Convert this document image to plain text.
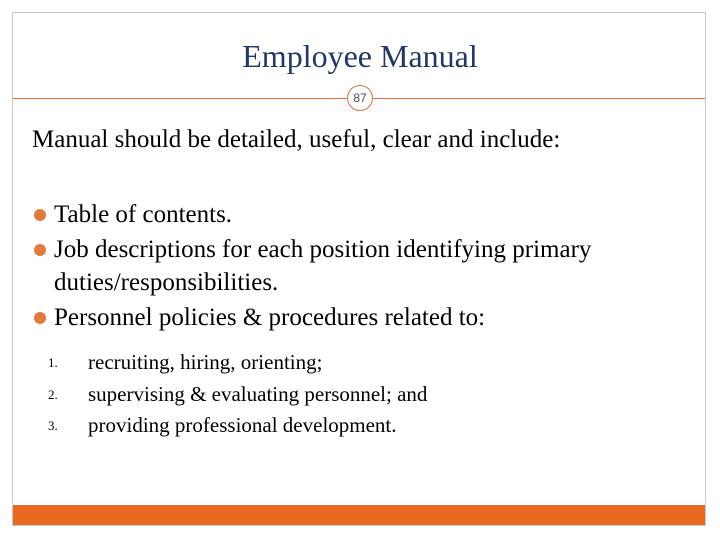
Employee Manual
87
Manual should be detailed, useful, clear and include:
Table of contents.
Job descriptions for each position identifying primary duties/responsibilities.
Personnel policies & procedures related to:
1.	recruiting, hiring, orienting;
2.	supervising & evaluating personnel; and
3.	providing professional development.
